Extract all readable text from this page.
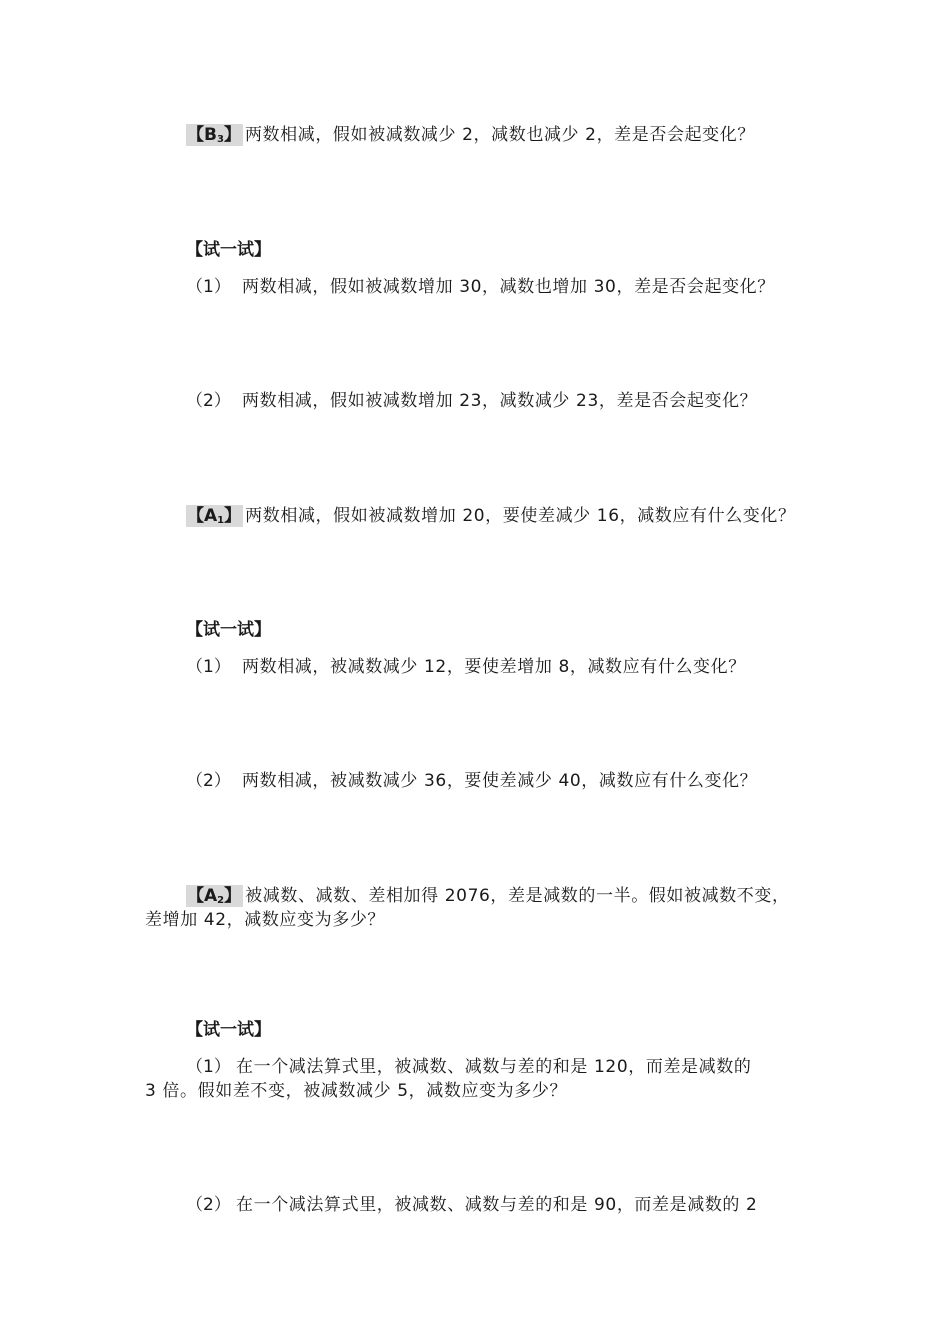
【$B_3$】 两数相减，假如被减数减少 2，减数也减少 2，差是否会起变化？
【试一试】
（1） 两数相减，假如被减数增加 30，减数也增加 30，差是否会起变化？
（2） 两数相减，假如被减数增加 23，减数减少 23，差是否会起变化？
【$A_1$】 两数相减，假如被减数增加 20，要使差减少 16，减数应有什么变化？
【试一试】
（1） 两数相减，被减数减少 12，要使差增加 8，减数应有什么变化？
（2） 两数相减，被减数减少 36，要使差减少 40，减数应有什么变化？
【$A_2$】 被减数、减数、差相加得 2076，差是减数的一半。假如被减数不变，
差增加 42，减数应变为多少？
【试一试】
（1） 在一个减法算式里，被减数、减数与差的和是 120，而差是减数的
3 倍。假如差不变，被减数减少 5，减数应变为多少？
（2） 在一个减法算式里，被减数、减数与差的和是 90，而差是减数的 2
